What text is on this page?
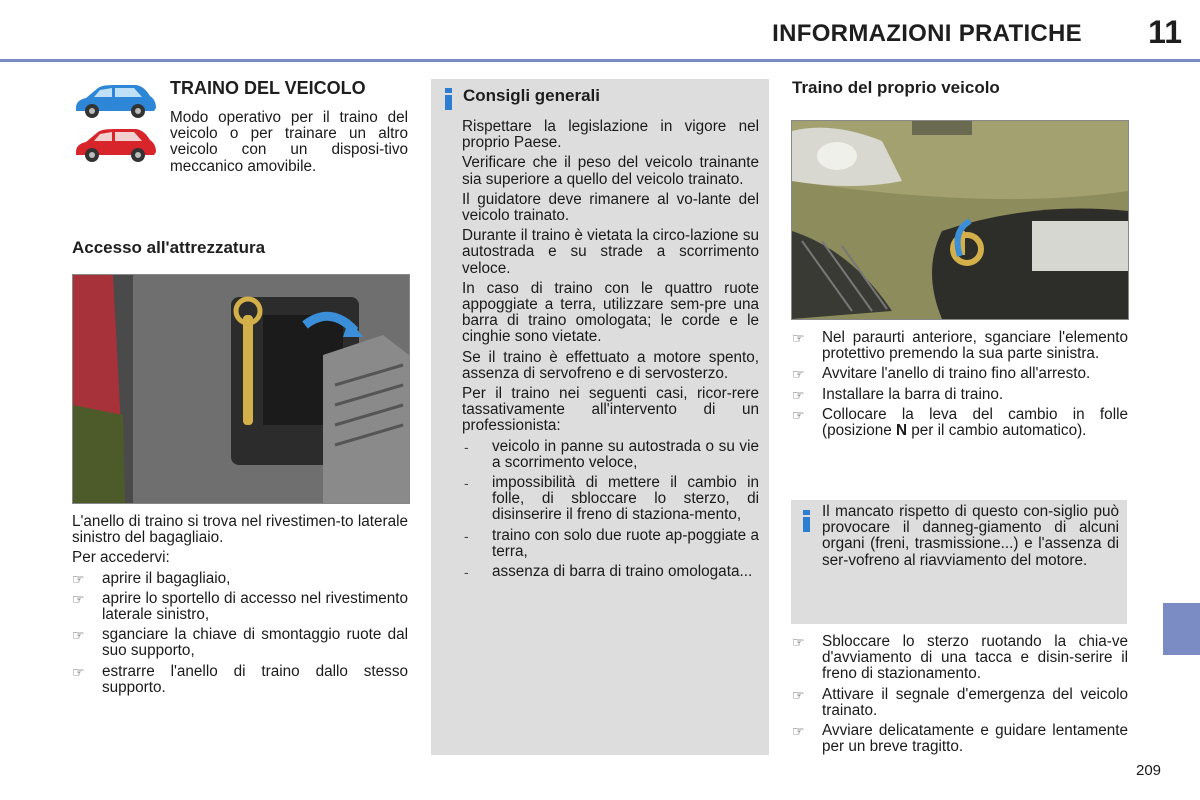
INFORMAZIONI PRATICHE 11
TRAINO DEL VEICOLO
Modo operativo per il traino del veicolo o per trainare un altro veicolo con un disposi-tivo meccanico amovibile.
Accesso all'attrezzatura

L'anello di traino si trova nel rivestimen-to laterale sinistro del bagagliaio.

Per accedervi:

☞ aprire il bagagliaio,
☞ aprire lo sportello di accesso nel rivestimento laterale sinistro,
☞ sganciare la chiave di smontaggio ruote dal suo supporto,
☞ estrarre l'anello di traino dallo stesso supporto.
Consigli generali

Rispettare la legislazione in vigore nel proprio Paese.

Verificare che il peso del veicolo trainante sia superiore a quello del veicolo trainato.

Il guidatore deve rimanere al vo-lante del veicolo trainato.

Durante il traino è vietata la circo-lazione su autostrada e su strade a scorrimento veloce.

In caso di traino con le quattro ruote appoggiate a terra, utilizzare sem-pre una barra di traino omologata; le corde e le cinghie sono vietate.

Se il traino è effettuato a motore spento, assenza di servofreno e di servosterzo.

Per il traino nei seguenti casi, ricor-rere tassativamente all'intervento di un professionista:

- veicolo in panne su autostrada o su vie a scorrimento veloce,
- impossibilità di mettere il cambio in folle, di sbloccare lo sterzo, di disinserire il freno di staziona-mento,
- traino con solo due ruote ap-poggiate a terra,
- assenza di barra di traino omologata...
Traino del proprio veicolo
☞ Nel paraurti anteriore, sganciare l'elemento protettivo premendo la sua parte sinistra.
☞ Avvitare l'anello di traino fino all'arresto.
☞ Installare la barra di traino.
☞ Collocare la leva del cambio in folle (posizione N per il cambio automatico).
Il mancato rispetto di questo con-siglio può provocare il danneg-giamento di alcuni organi (freni, trasmissione...) e l'assenza di ser-vofreno al riavviamento del motore.
☞ Sbloccare lo sterzo ruotando la chia-ve d'avviamento di una tacca e disin-serire il freno di stazionamento.
☞ Attivare il segnale d'emergenza del veicolo trainato.
☞ Avviare delicatamente e guidare lentamente per un breve tragitto.
209
